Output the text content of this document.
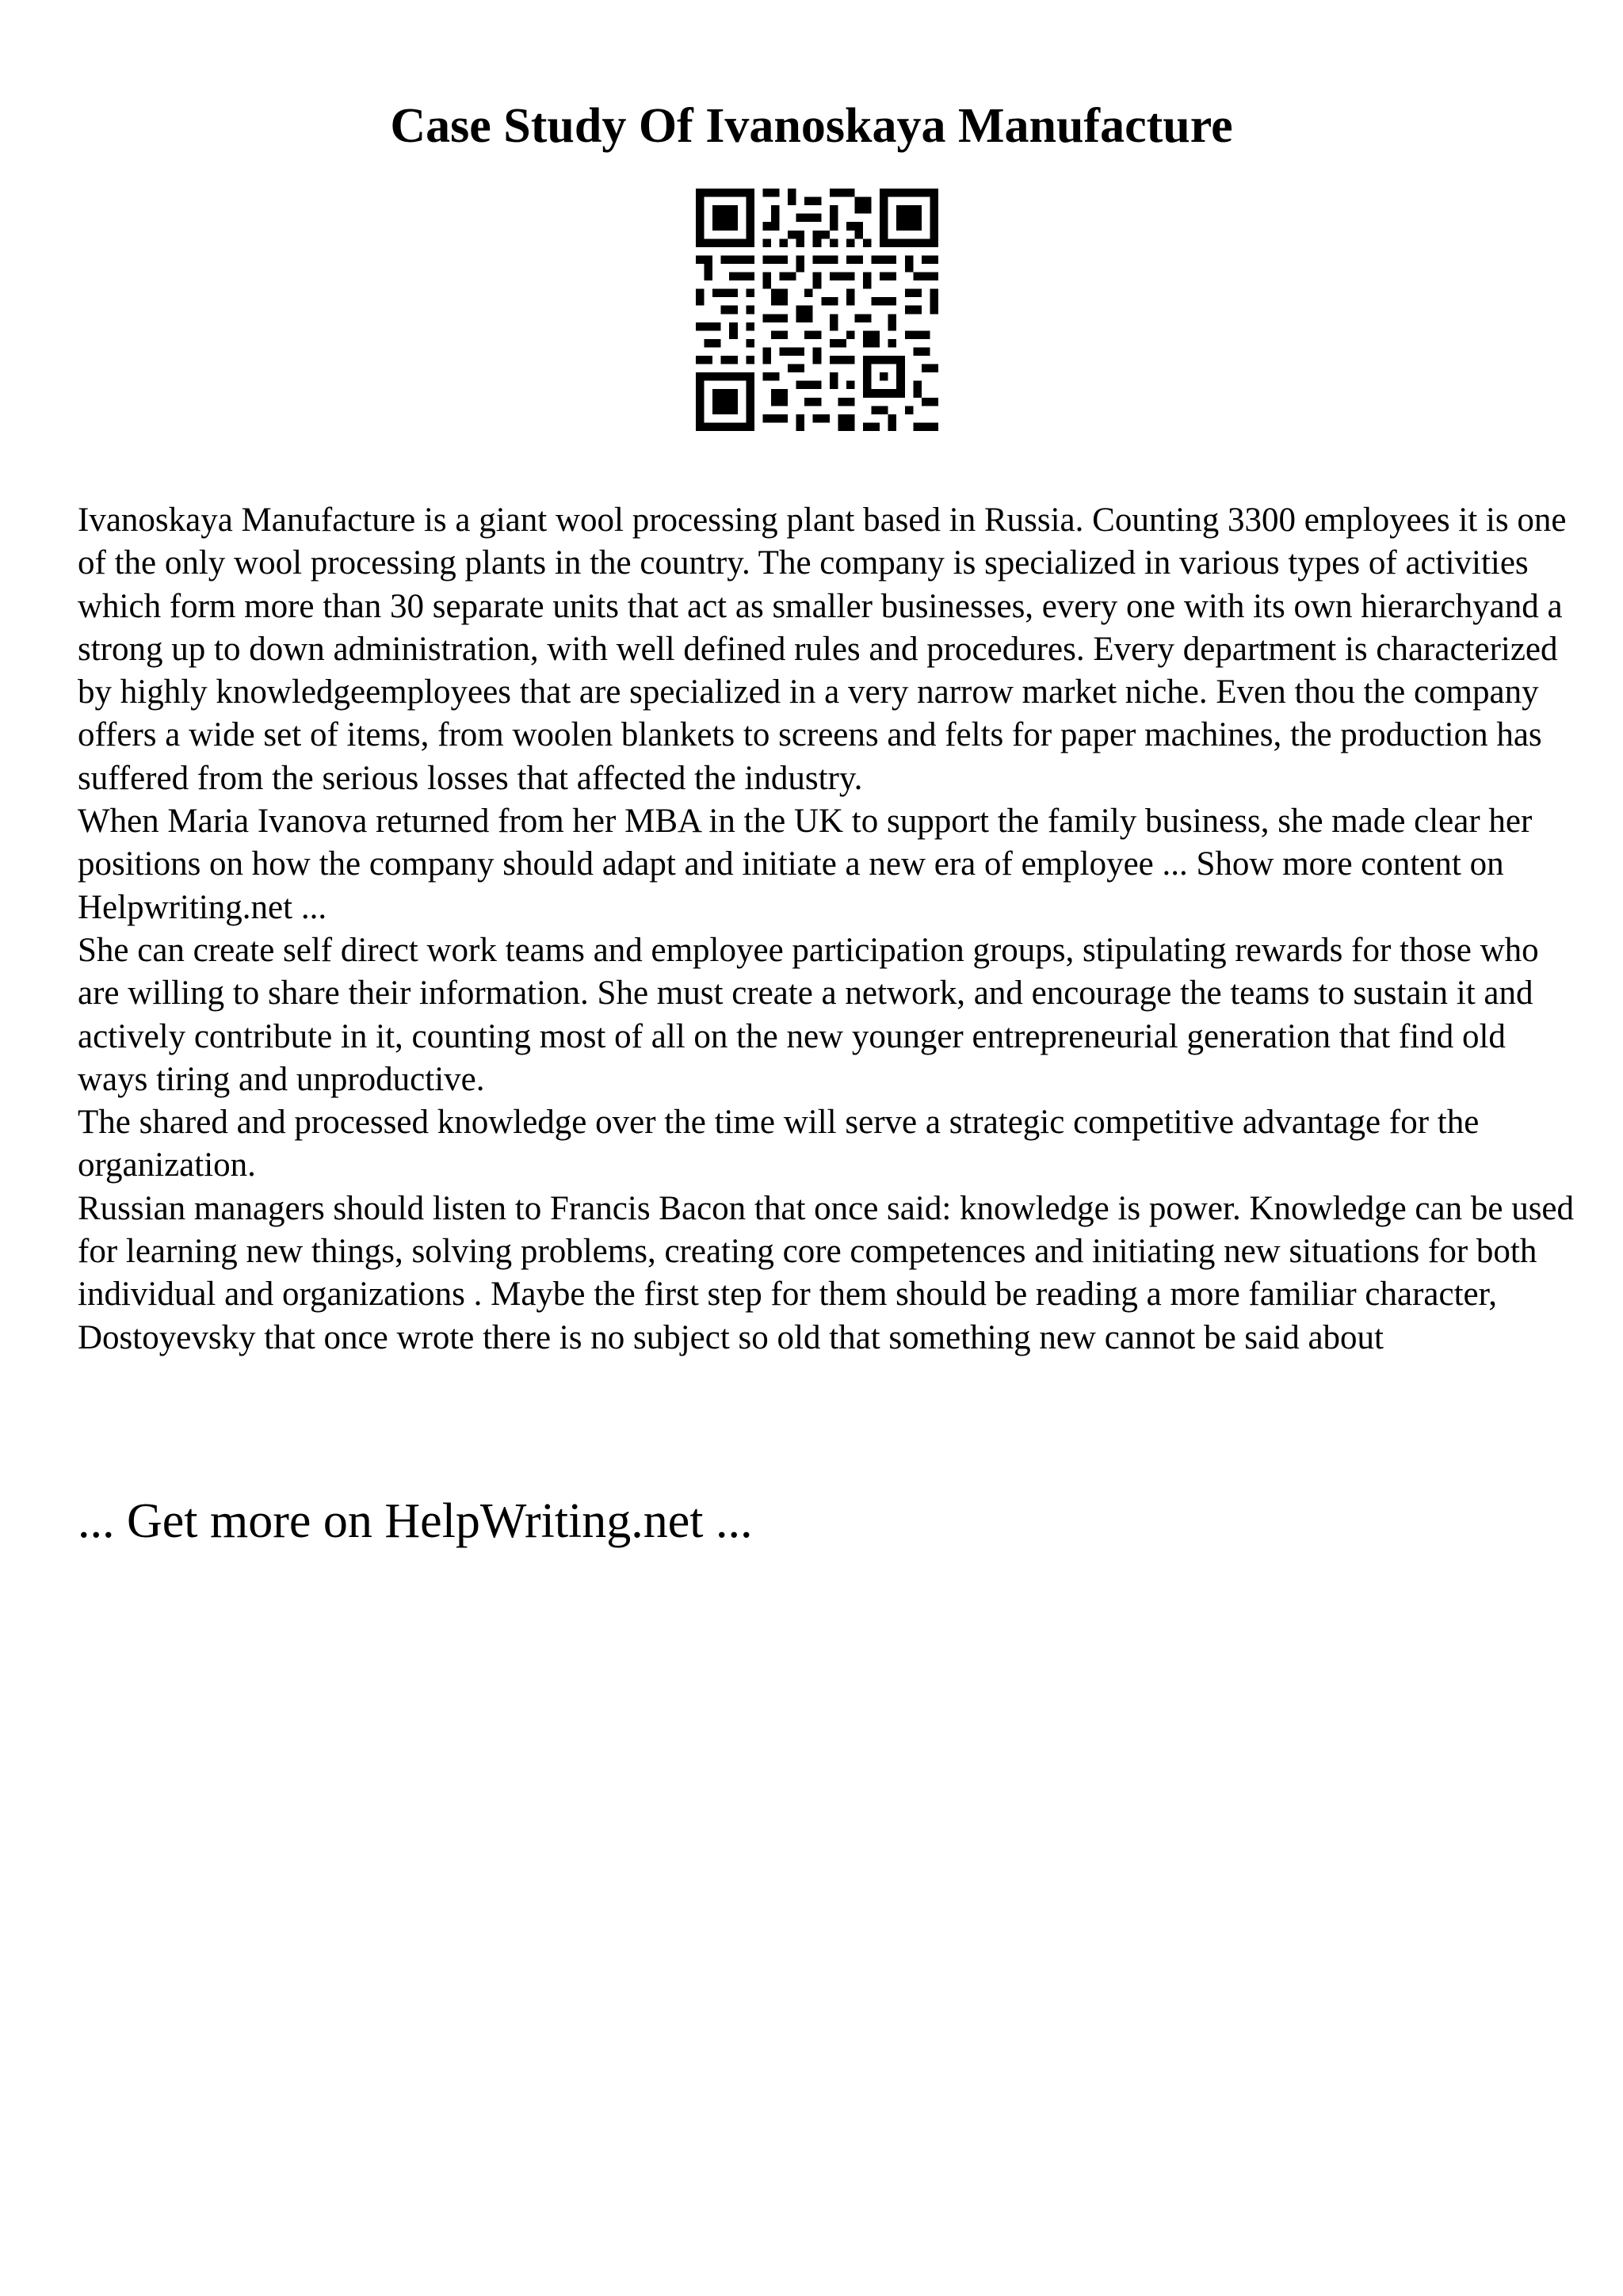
Case Study Of Ivanoskaya Manufacture

Ivanoskaya Manufacture is a giant wool processing plant based in Russia. Counting 3300 employees it is one of the only wool processing plants in the country. The company is specialized in various types of activities which form more than 30 separate units that act as smaller businesses, every one with its own hierarchyand a strong up to down administration, with well defined rules and procedures. Every department is characterized by highly knowledgeemployees that are specialized in a very narrow market niche. Even thou the company offers a wide set of items, from woolen blankets to screens and felts for paper machines, the production has suffered from the serious losses that affected the industry.

When Maria Ivanova returned from her MBA in the UK to support the family business, she made clear her positions on how the company should adapt and initiate a new era of employee ... Show more content on Helpwriting.net ...

She can create self direct work teams and employee participation groups, stipulating rewards for those who are willing to share their information. She must create a network, and encourage the teams to sustain it and actively contribute in it, counting most of all on the new younger entrepreneurial generation that find old ways tiring and unproductive.

The shared and processed knowledge over the time will serve a strategic competitive advantage for the organization.

Russian managers should listen to Francis Bacon that once said: knowledge is power. Knowledge can be used for learning new things, solving problems, creating core competences and initiating new situations for both individual and organizations . Maybe the first step for them should be reading a more familiar character, Dostoyevsky that once wrote there is no subject so old that something new cannot be said about

... Get more on HelpWriting.net ...
